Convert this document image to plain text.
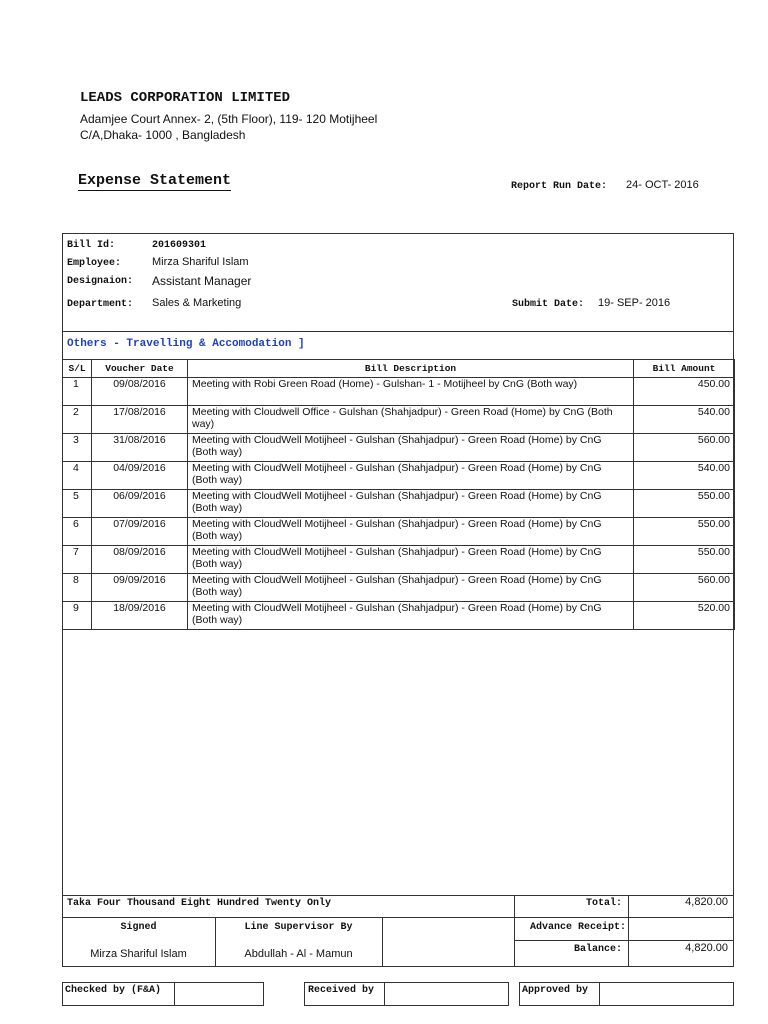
LEADS CORPORATION LIMITED
Adamjee Court Annex- 2, (5th Floor), 119- 120 Motijheel
C/A,Dhaka- 1000 , Bangladesh
Expense Statement	Report Run Date: 24- OCT- 2016
Bill Id:	201609301
Employee:	Mirza Shariful Islam
Designaion: Assistant Manager
Department: Sales & Marketing	Submit Date: 19- SEP- 2016
Others - Travelling & Accomodation ]
S/L	Voucher Date	Bill Description	Bill Amount
1	09/08/2016	Meeting with Robi Green Road (Home) - Gulshan- 1 - Motijheel by CnG (Both way)	450.00
2	17/08/2016	Meeting with Cloudwell Office - Gulshan (Shahjadpur) - Green Road (Home) by CnG (Both way)	540.00
3	31/08/2016	Meeting with CloudWell Motijheel - Gulshan (Shahjadpur) - Green Road (Home) by CnG (Both way)	560.00
4	04/09/2016	Meeting with CloudWell Motijheel - Gulshan (Shahjadpur) - Green Road (Home) by CnG (Both way)	540.00
5	06/09/2016	Meeting with CloudWell Motijheel - Gulshan (Shahjadpur) - Green Road (Home) by CnG (Both way)	550.00
6	07/09/2016	Meeting with CloudWell Motijheel - Gulshan (Shahjadpur) - Green Road (Home) by CnG (Both way)	550.00
7	08/09/2016	Meeting with CloudWell Motijheel - Gulshan (Shahjadpur) - Green Road (Home) by CnG (Both way)	550.00
8	09/09/2016	Meeting with CloudWell Motijheel - Gulshan (Shahjadpur) - Green Road (Home) by CnG (Both way)	560.00
9	18/09/2016	Meeting with CloudWell Motijheel - Gulshan (Shahjadpur) - Green Road (Home) by CnG (Both way)	520.00
Taka Four Thousand Eight Hundred Twenty Only	Total:	4,820.00
Advance Receipt:
Balance:	4,820.00
Signed
Mirza Shariful Islam
Line Supervisor By
Abdullah - Al - Mamun
Checked by (F&A)	Received by	Approved by
